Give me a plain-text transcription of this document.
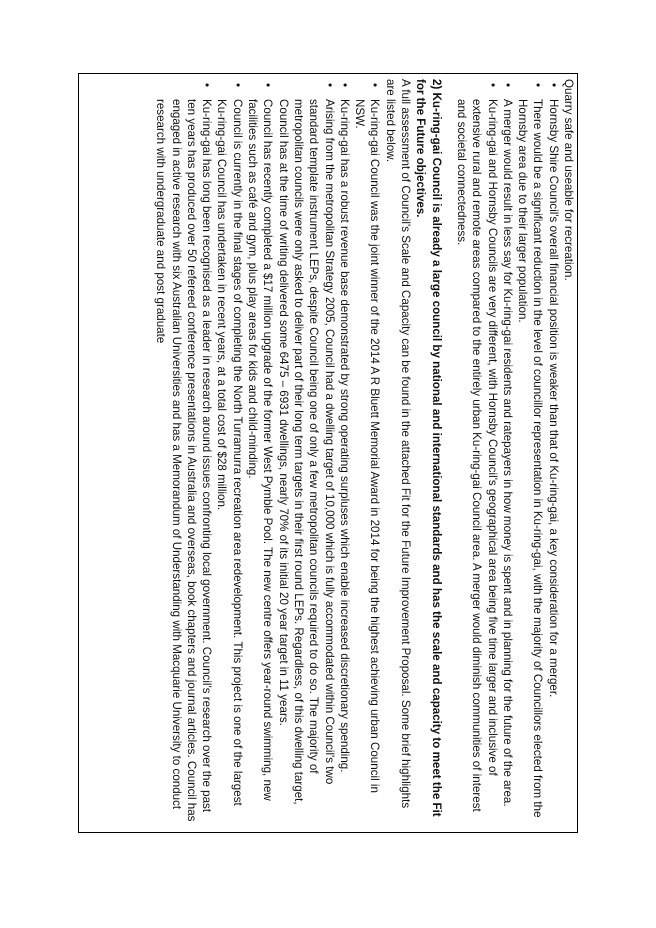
Quarry safe and useable for recreation.

• Hornsby Shire Council's overall financial position is weaker than that of Ku-ring-gai, a key consideration for a merger.

• There would be a significant reduction in the level of councillor representation in Ku-ring-gai, with the majority of Councillors elected from the Hornsby area due to their larger population.

• A merger would result in less say for Ku-ring-gai residents and ratepayers in how money is spent and in planning for the future of the area.

• Ku-ring-gai and Hornsby Councils are very different, with Hornsby Council's geographical area being five time larger and inclusive of extensive rural and remote areas compared to the entirely urban Ku-ring-gai Council area. A merger would diminish communities of interest and societal connectedness.

2) Ku-ring-gai Council is already a large council by national and international standards and has the scale and capacity to meet the Fit for the Future objectives.

A full assessment of Council's Scale and Capacity can be found in the attached Fit for the Future Improvement Proposal. Some brief highlights are listed below.

• Ku-ring-gai Council was the joint winner of the 2014 A R Bluett Memorial Award in 2014 for being the highest achieving urban Council in NSW.

• Ku-ring-gai has a robust revenue base demonstrated by strong operating surpluses which enable increased discretionary spending.

• Arising from the metropolitan Strategy 2005, Council had a dwelling target of 10,000 which is fully accommodated within Council's two standard template instrument LEPs, despite Council being one of only a few metropolitan councils required to do so. The majority of metropolitan councils were only asked to deliver part of their long term targets in their first round LEPs. Regardless, of this dwelling target, Council has at the time of writing delivered some 6475 – 6931 dwellings, nearly 70% of its initial 20 year target in 11 years.

• Council has recently completed a $17 million upgrade of the former West Pymble Pool. The new centre offers year-round swimming, new facilities such as café and gym, plus play areas for kids and child-minding.

• Council is currently in the final stages of completing the North Turramurra recreation area redevelopment. This project is one of the largest Ku-ring-gai Council has undertaken in recent years, at a total cost of $28 million.

• Ku-ring-gai has long been recognised as a leader in research around issues confronting local government. Council's research over the past ten years has produced over 50 refereed conference presentations in Australia and overseas, book chapters and journal articles. Council has engaged in active research with six Australian Universities and has a Memorandum of Understanding with Macquarie University to conduct research with undergraduate and post graduate
